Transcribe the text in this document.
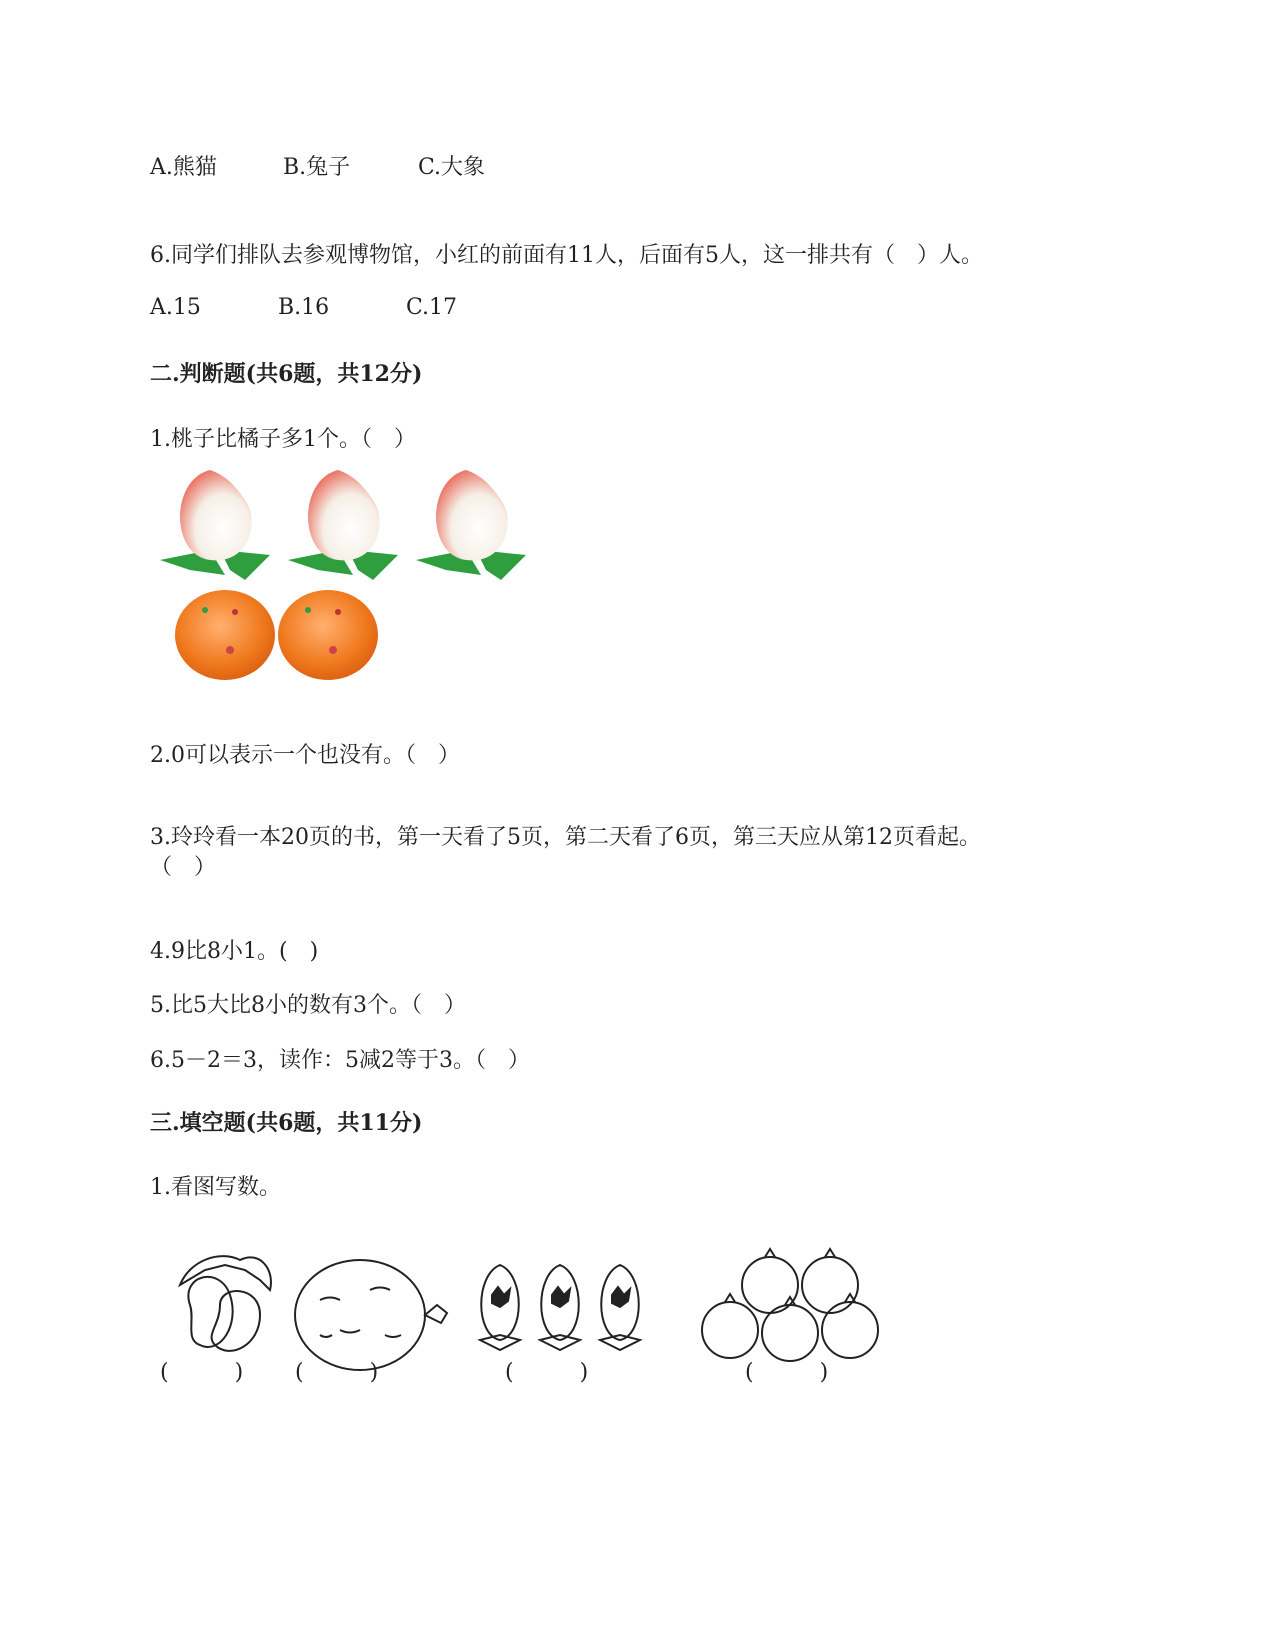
A.熊猫	B.兔子	C.大象
6.同学们排队去参观博物馆，小红的前面有11人，后面有5人，这一排共有（　）人。
A.15	B.16	C.17
二.判断题(共6题，共12分)
1.桃子比橘子多1个。（　）
2.0可以表示一个也没有。（　）
3.玲玲看一本20页的书，第一天看了5页，第二天看了6页，第三天应从第12页看起。
（　）
4.9比8小1。(　)
5.比5大比8小的数有3个。（　）
6.5－2＝3，读作：5减2等于3。（　）
三.填空题(共6题，共11分)
1.看图写数。
(　　　) (　　　)	(　　　)	(　　　)
